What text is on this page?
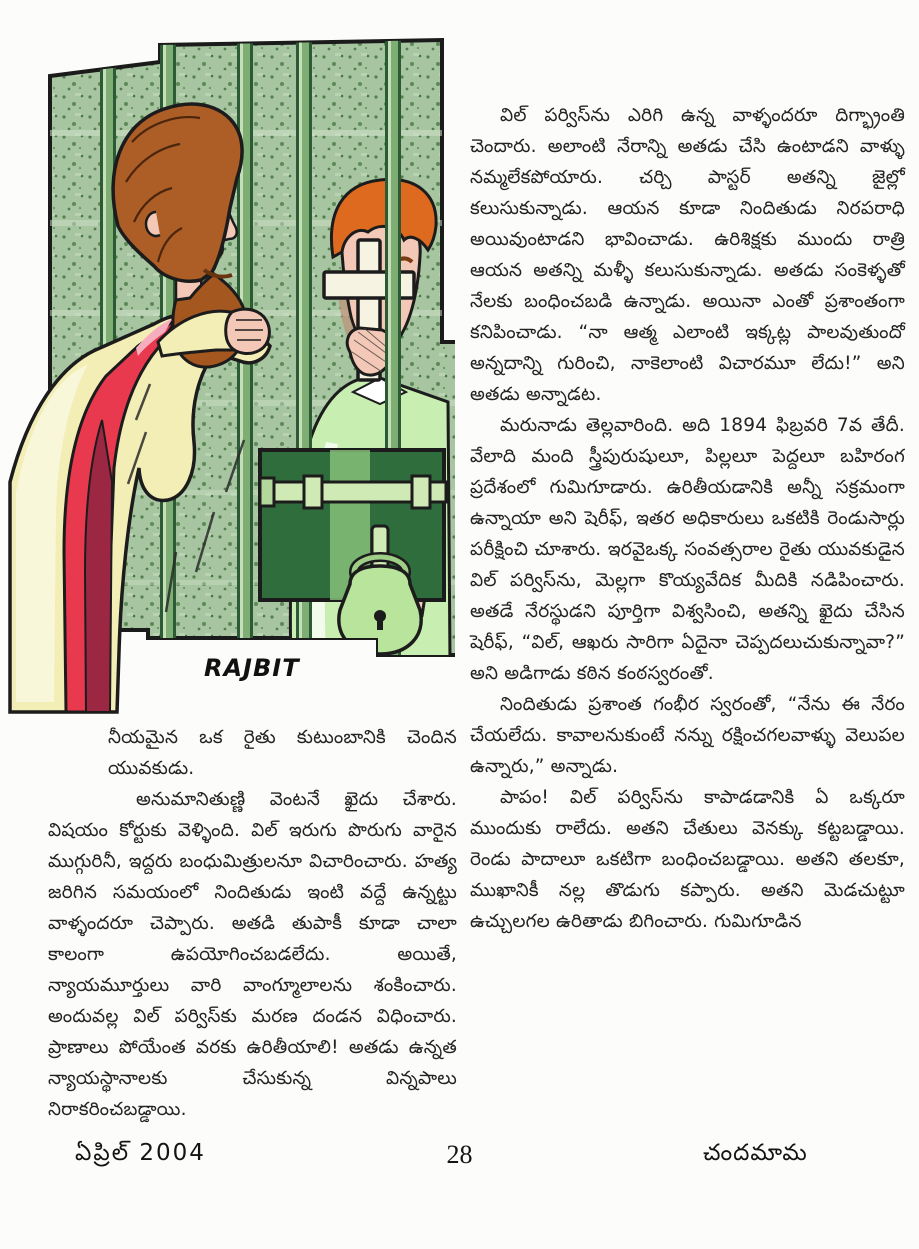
RAJBIT

విల్ పర్విస్‌ను ఎరిగి ఉన్న వాళ్ళందరూ దిగ్భ్రాంతి చెందారు. అలాంటి నేరాన్ని అతడు చేసి ఉంటాడని వాళ్ళు నమ్మలేకపోయారు. చర్చి పాస్టర్ అతన్ని జైల్లో కలుసుకున్నాడు. ఆయన కూడా నిందితుడు నిరపరాధి అయివుంటాడని భావించాడు. ఉరిశిక్షకు ముందు రాత్రి ఆయన అతన్ని మళ్ళీ కలుసుకున్నాడు. అతడు సంకెళ్ళతో నేలకు బంధించబడి ఉన్నాడు. అయినా ఎంతో ప్రశాంతంగా కనిపించాడు. “నా ఆత్మ ఎలాంటి ఇక్కట్ల పాలవుతుందో అన్నదాన్ని గురించి, నాకెలాంటి విచారమూ లేదు!” అని అతడు అన్నాడట.

మరునాడు తెల్లవారింది. అది 1894 ఫిబ్రవరి 7వ తేదీ. వేలాది మంది స్త్రీపురుషులూ, పిల్లలూ పెద్దలూ బహిరంగ ప్రదేశంలో గుమిగూడారు. ఉరితీయడానికి అన్నీ సక్రమంగా ఉన్నాయా అని షెరీఫ్, ఇతర అధికారులు ఒకటికి రెండుసార్లు పరీక్షించి చూశారు. ఇరవైఒక్క సంవత్సరాల రైతు యువకుడైన విల్ పర్విస్‌ను, మెల్లగా కొయ్యవేదిక మీదికి నడిపించారు. అతడే నేరస్థుడని పూర్తిగా విశ్వసించి, అతన్ని ఖైదు చేసిన షెరీఫ్, “విల్, ఆఖరు సారిగా ఏదైనా చెప్పదలుచుకున్నావా?” అని అడిగాడు కఠిన కంఠస్వరంతో.

నిందితుడు ప్రశాంత గంభీర స్వరంతో, “నేను ఈ నేరం చేయలేదు. కావాలనుకుంటే నన్ను రక్షించగలవాళ్ళు వెలుపల ఉన్నారు,” అన్నాడు.

పాపం! విల్ పర్విస్‌ను కాపాడడానికి ఏ ఒక్కరూ ముందుకు రాలేదు. అతని చేతులు వెనక్కు కట్టబడ్డాయి. రెండు పాదాలూ ఒకటిగా బంధించబడ్డాయి. అతని తలకూ, ముఖానికీ నల్ల తొడుగు కప్పారు. అతని మెడచుట్టూ ఉచ్చులగల ఉరితాడు బిగించారు. గుమిగూడిన

నీయమైన ఒక రైతు కుటుంబానికి చెందిన యువకుడు.

అనుమానితుణ్ణి వెంటనే ఖైదు చేశారు. విషయం కోర్టుకు వెళ్ళింది. విల్ ఇరుగు పొరుగు వారైన ముగ్గురినీ, ఇద్దరు బంధుమిత్రులనూ విచారించారు. హత్య జరిగిన సమయంలో నిందితుడు ఇంటి వద్దే ఉన్నట్టు వాళ్ళందరూ చెప్పారు. అతడి తుపాకీ కూడా చాలా కాలంగా ఉపయోగించబడలేదు. అయితే, న్యాయమూర్తులు వారి వాంగ్మూలాలను శంకించారు. అందువల్ల విల్ పర్విస్‌కు మరణ దండన విధించారు. ప్రాణాలు పోయేంత వరకు ఉరితీయాలి! అతడు ఉన్నత న్యాయస్థానాలకు చేసుకున్న విన్నపాలు నిరాకరించబడ్డాయి.

ఏప్రిల్ 2004	28	చందమామ
